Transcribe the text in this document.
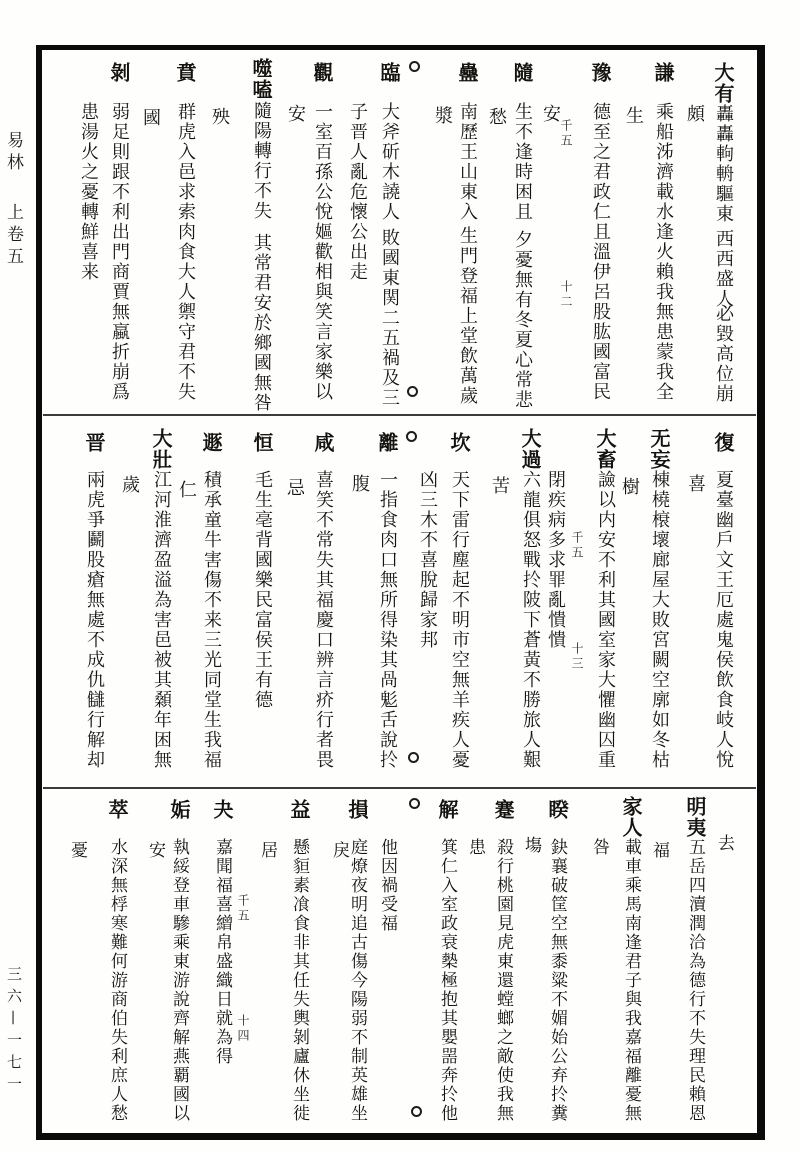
易林
上卷五
三六—一七一
大有
轟轟軥輈驅東
西西盛人
必毀高位崩
頗
謙
乘船泲濟載水逢火賴我無患蒙我全
生
豫
德至之君政仁且溫伊呂股肱國富民
千五
十二
安
隨
生不逢時困且
夕憂無有冬夏心常悲
愁
蠱
南歷王山東入
生門登福上堂飲萬歲
漿
臨
大斧斫木譊人
敗國東関二五禍及三
子晋人亂危懷公出走
觀
一室百孫公悅嫗歡相與笑言家樂以
安
噬嗑
隨陽轉行不失
其常君安於鄉國無咎
殃
賁
群虎入邑求索肉食大人禦守君不失
國
剝
弱足則跟不利出門商賈無蠃折崩爲
患湯火之憂轉鮮喜来
復
夏臺幽戶文王厄處鬼侯飲食岐人悅
喜
无妄
棟橈榱壞廊屋大敗宮闕空廓如冬枯
樹
大畜
譣以内安不利其國室家大懼幽囚重
千五
十三
閉疾病多求罪亂憒憒
大過
六龍俱怒戰扵陂下蒼黃不勝旅人艱
苦
坎
天下雷行塵起不明市空無羊疾人憂
凶三木不喜脫歸家邦
離
一指食肉口無所得染其咼鬽舌說扵
腹
咸
喜笑不常失其福慶口辨言疥行者畏
忌
恒
毛生亳背國樂民富侯王有德
遯
積承童牛害傷不来三光同堂生我福
仁
大壯
江河淮濟盈溢為害邑被其顙年困無
歲
晋
兩虎爭鬬股瘡無處不成仇讎行解却
去
明夷
五岳四瀆潤洽為德行不失理民賴恩
福
家人
載車乘馬南逢君子與我嘉福離憂無
咎
睽
鈌襄破筐空無黍粱不媚始公弃扵糞
塲
蹇
殺行桃園見虎東還螳螂之敵使我無
患
解
箕仁入室政衰槷極抱其嬰噐奔扵他
他因禍受福
損
庭燎夜明追古傷今陽弱不制英雄坐
戾
益
懸貆素飡食非其任失輿剝廬休坐徙
居
千五
十四
夬
嘉聞福喜繒帛盛織日就為得
姤
執綏登車驂乘東游說齊解燕覇國以
安
萃
水深無桴寒難何游商伯失利庶人愁
憂
